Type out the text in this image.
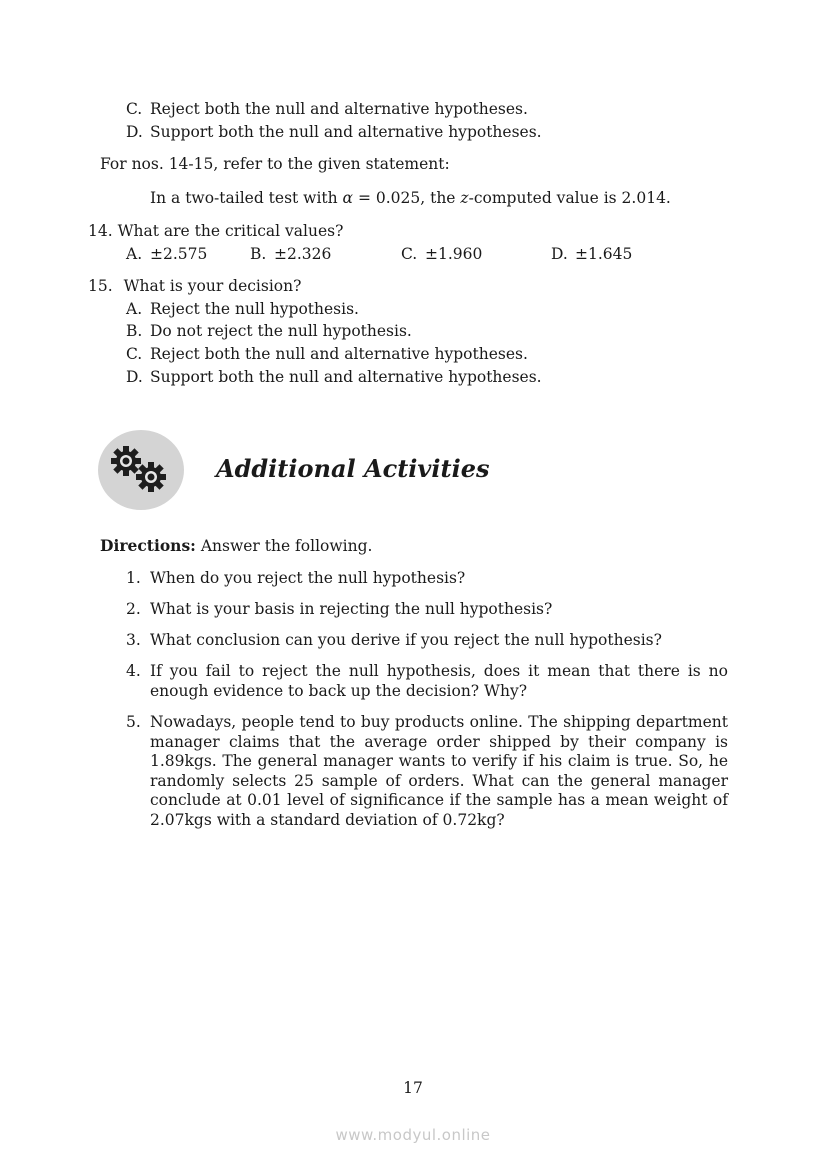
C. Reject both the null and alternative hypotheses.
D. Support both the null and alternative hypotheses.
For nos. 14-15, refer to the given statement:
In a two-tailed test with α = 0.025, the z-computed value is 2.014.
14. What are the critical values?
A. ±2.575	B. ±2.326	C. ±1.960	D. ±1.645
15. What is your decision?
A. Reject the null hypothesis.
B. Do not reject the null hypothesis.
C. Reject both the null and alternative hypotheses.
D. Support both the null and alternative hypotheses.
Additional Activities
Directions: Answer the following.
1. When do you reject the null hypothesis?
2. What is your basis in rejecting the null hypothesis?
3. What conclusion can you derive if you reject the null hypothesis?
4. If you fail to reject the null hypothesis, does it mean that there is no enough evidence to back up the decision? Why?
5. Nowadays, people tend to buy products online. The shipping department manager claims that the average order shipped by their company is 1.89kgs. The general manager wants to verify if his claim is true. So, he randomly selects 25 sample of orders. What can the general manager conclude at 0.01 level of significance if the sample has a mean weight of 2.07kgs with a standard deviation of 0.72kg?
17
www.modyul.online
